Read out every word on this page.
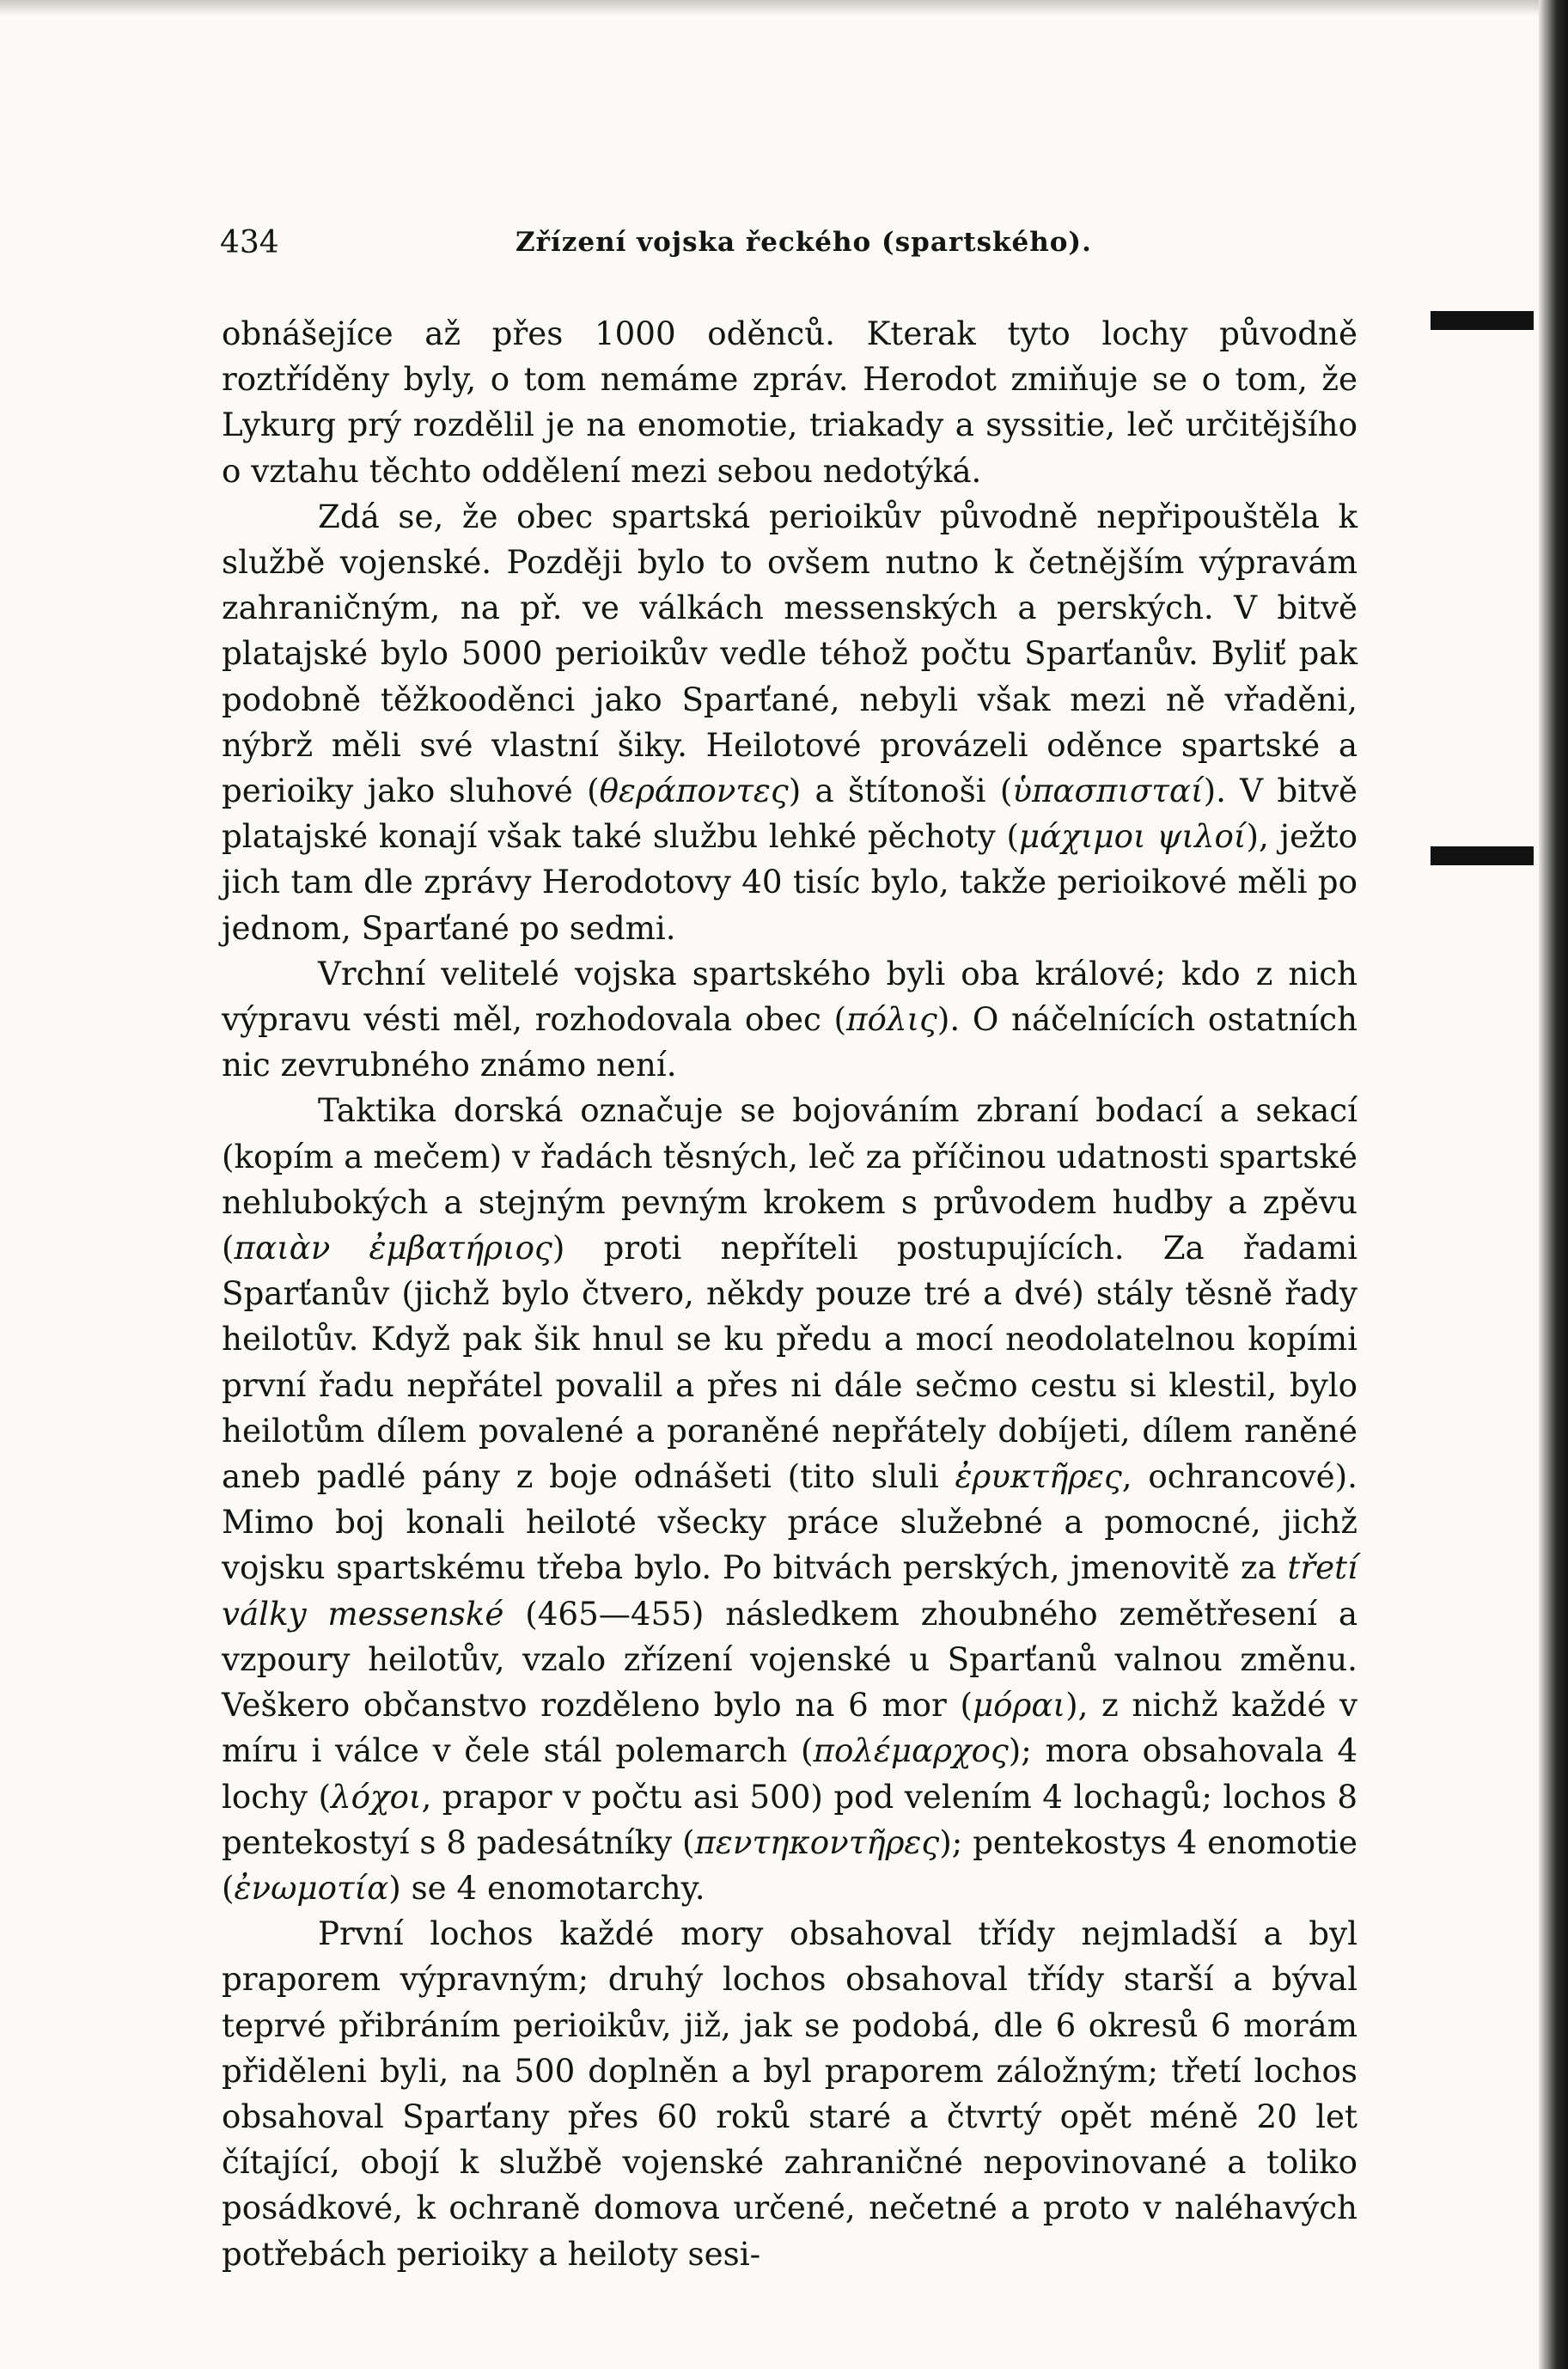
434	Zřízení vojska řeckého (spartského).

obnášejíce až přes 1000 oděnců. Kterak tyto lochy původně roztříděny byly, o tom nemáme zpráv. Herodot zmiňuje se o tom, že Lykurg prý rozdělil je na enomotie, triakady a syssitie, leč určitějšího o vztahu těchto oddělení mezi sebou nedotýká.

Zdá se, že obec spartská perioikův původně nepřipouštěla k službě vojenské. Později bylo to ovšem nutno k četnějším výpravám zahraničným, na př. ve válkách messenských a perských. V bitvě platajské bylo 5000 perioikův vedle téhož počtu Sparťanův. Byliť pak podobně těžkooděnci jako Sparťané, nebyli však mezi ně vřaděni, nýbrž měli své vlastní šiky. Heilotové provázeli oděnce spartské a perioiky jako sluhové (θεράποντες) a štítonoši (ὑπασπισταί). V bitvě platajské konají však také službu lehké pěchoty (μάχιμοι ψιλοί), ježto jich tam dle zprávy Herodotovy 40 tisíc bylo, takže perioikové měli po jednom, Sparťané po sedmi.

Vrchní velitelé vojska spartského byli oba králové; kdo z nich výpravu vésti měl, rozhodovala obec (πόλις). O náčelnících ostatních nic zevrubného známo není.

Taktika dorská označuje se bojováním zbraní bodací a sekací (kopím a mečem) v řadách těsných, leč za příčinou udatnosti spartské nehlubokých a stejným pevným krokem s průvodem hudby a zpěvu (παιὰν ἐμβατήριος) proti nepříteli postupujících. Za řadami Sparťanův (jichž bylo čtvero, někdy pouze tré a dvé) stály těsně řady heilotův. Když pak šik hnul se ku předu a mocí neodolatelnou kopími první řadu nepřátel povalil a přes ni dále sečmo cestu si klestil, bylo heilotům dílem povalené a poraněné nepřátely dobíjeti, dílem raněné aneb padlé pány z boje odnášeti (tito sluli ἐρυκτῆρες, ochrancové). Mimo boj konali heiloté všecky práce služebné a pomocné, jichž vojsku spartskému třeba bylo. Po bitvách perských, jmenovitě za třetí války messenské (465—455) následkem zhoubného zemětřesení a vzpoury heilotův, vzalo zřízení vojenské u Sparťanů valnou změnu. Veškero občanstvo rozděleno bylo na 6 mor (μόραι), z nichž každé v míru i válce v čele stál polemarch (πολέμαρχος); mora obsahovala 4 lochy (λόχοι, prapor v počtu asi 500) pod velením 4 lochagů; lochos 8 pentekostyí s 8 padesátníky (πεντηκοντῆρες); pentekostys 4 enomotie (ἐνωμοτία) se 4 enomotarchy.

První lochos každé mory obsahoval třídy nejmladší a byl praporem výpravným; druhý lochos obsahoval třídy starší a býval teprvé přibráním perioikův, již, jak se podobá, dle 6 okresů 6 morám přiděleni byli, na 500 doplněn a byl praporem záložným; třetí lochos obsahoval Sparťany přes 60 roků staré a čtvrtý opět méně 20 let čítající, obojí k službě vojenské zahraničné nepovinované a toliko posádkové, k ochraně domova určené, nečetné a proto v naléhavých potřebách perioiky a heiloty sesi-
